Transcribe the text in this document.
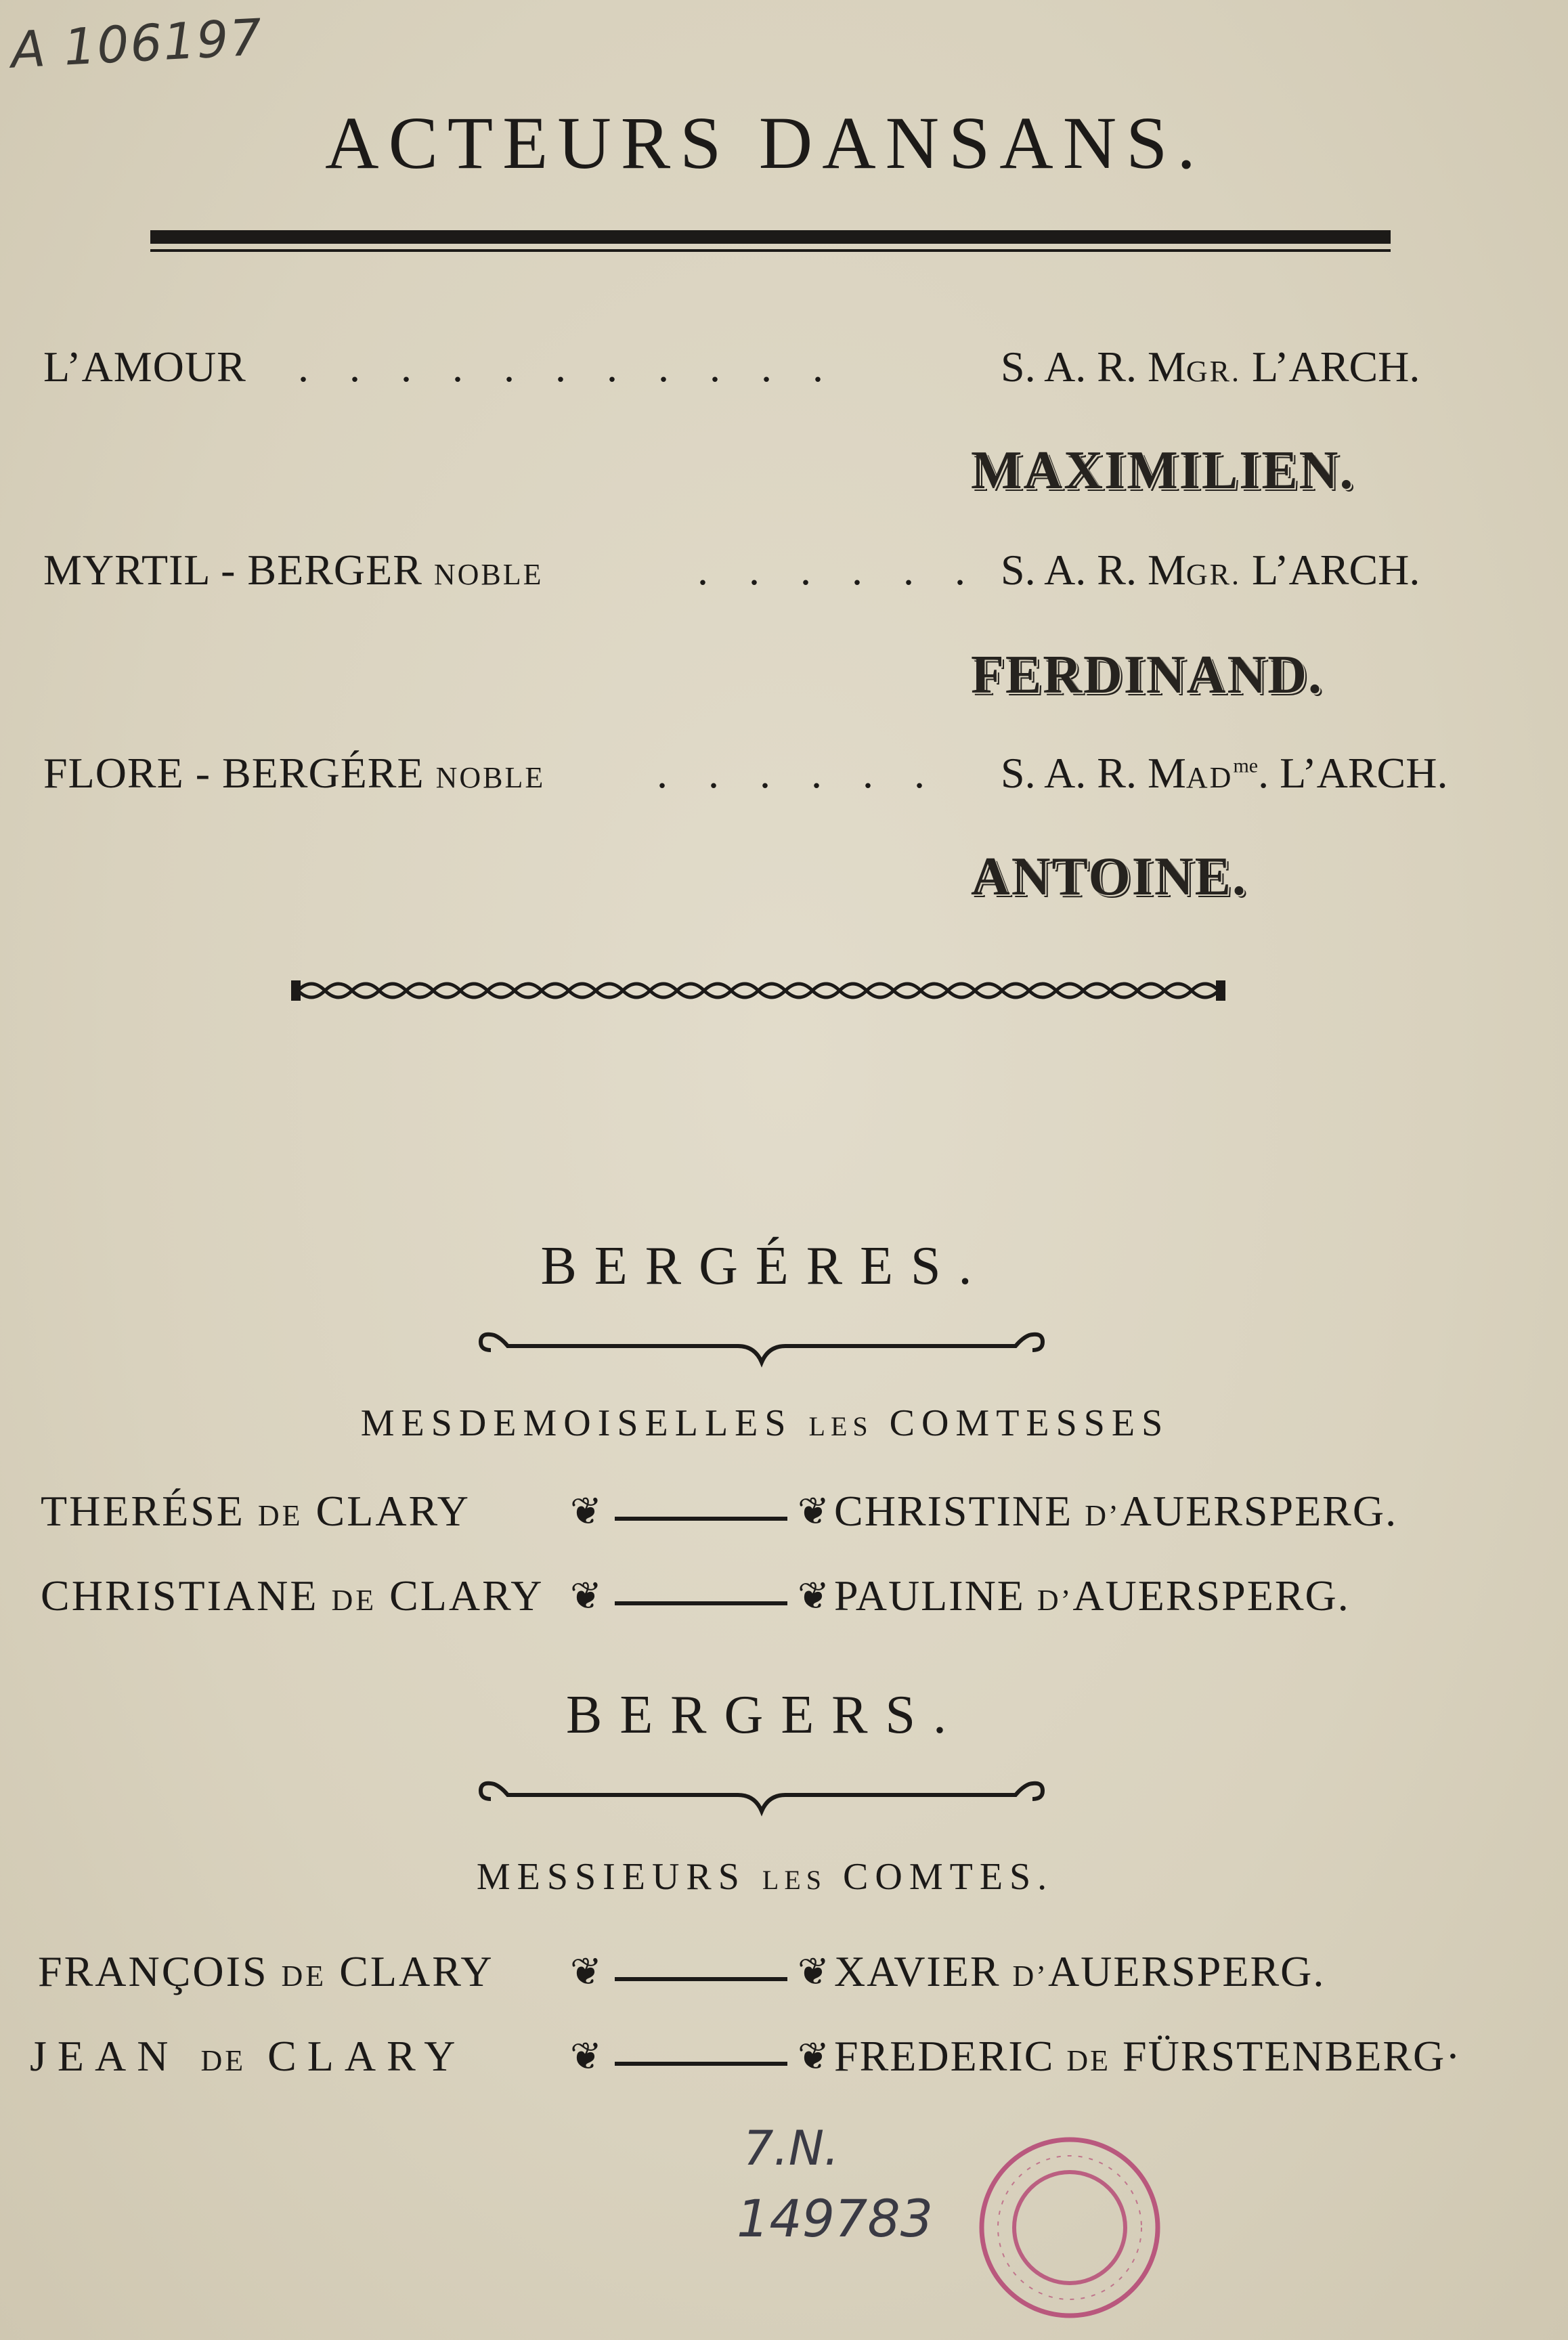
A 106197
ACTEURS DANSANS.
L’AMOUR . . . . . . . . . . .	S. A. R. MGR. L’ARCH.
MAXIMILIEN.
MYRTIL - BERGER NOBLE	. . . . . . S. A. R. MGR. L’ARCH.
FERDINAND.
FLORE - BERGÉRE NOBLE	. . . . . . S. A. R. $MAD^{me}$. L’ARCH.
ANTOINE.
BERGÉRES.
MESDEMOISELLES LES COMTESSES
THERÉSE DE CLARY	❦	❦ CHRISTINE D’AUERSPERG.
CHRISTIANE DE CLARY ❦	❦ PAULINE D’AUERSPERG.
BERGERS.
MESSIEURS LES COMTES.
FRANÇOIS DE CLARY ❦	❦ XAVIER D’AUERSPERG.
JEAN DE CLARY	❦	❦ FREDERIC DE FÜRSTENBERG·
7.N.
149783
